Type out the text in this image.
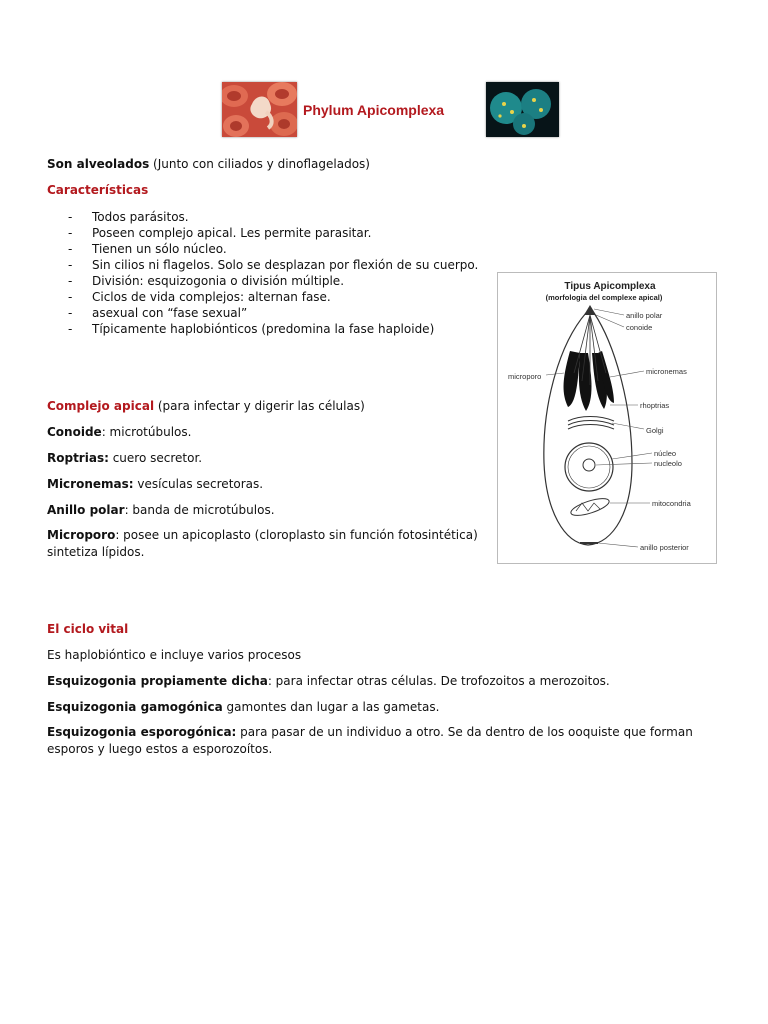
Phylum Apicomplexa
Son alveolados (Junto con ciliados y dinoflagelados)
Características
- Todos parásitos.
- Poseen complejo apical. Les permite parasitar.
- Tienen un sólo núcleo.
- Sin cilios ni flagelos. Solo se desplazan por flexión de su cuerpo.
- División: esquizogonia o división múltiple.
- Ciclos de vida complejos: alternan fase.
- asexual con “fase sexual”
- Típicamente haplobiónticos (predomina la fase haploide)
Tipus Apicomplexa
(morfologia del complexe apical)
anillo polar
conoide
microporo
micronemas
rhoptrias
Golgi
núcleo
nucleolo
mitocondria
anillo posterior
Complejo apical (para infectar y digerir las células)
Conoide: microtúbulos.
Roptrias: cuero secretor.
Micronemas: vesículas secretoras.
Anillo polar: banda de microtúbulos.
Microporo: posee un apicoplasto (cloroplasto sin función fotosintética) sintetiza lípidos.
El ciclo vital
Es haplobióntico e incluye varios procesos
Esquizogonia propiamente dicha: para infectar otras células. De trofozoitos a merozoitos.
Esquizogonia gamogónica gamontes dan lugar a las gametas.
Esquizogonia esporogónica: para pasar de un individuo a otro. Se da dentro de los ooquiste que forman esporos y luego estos a esporozoítos.
